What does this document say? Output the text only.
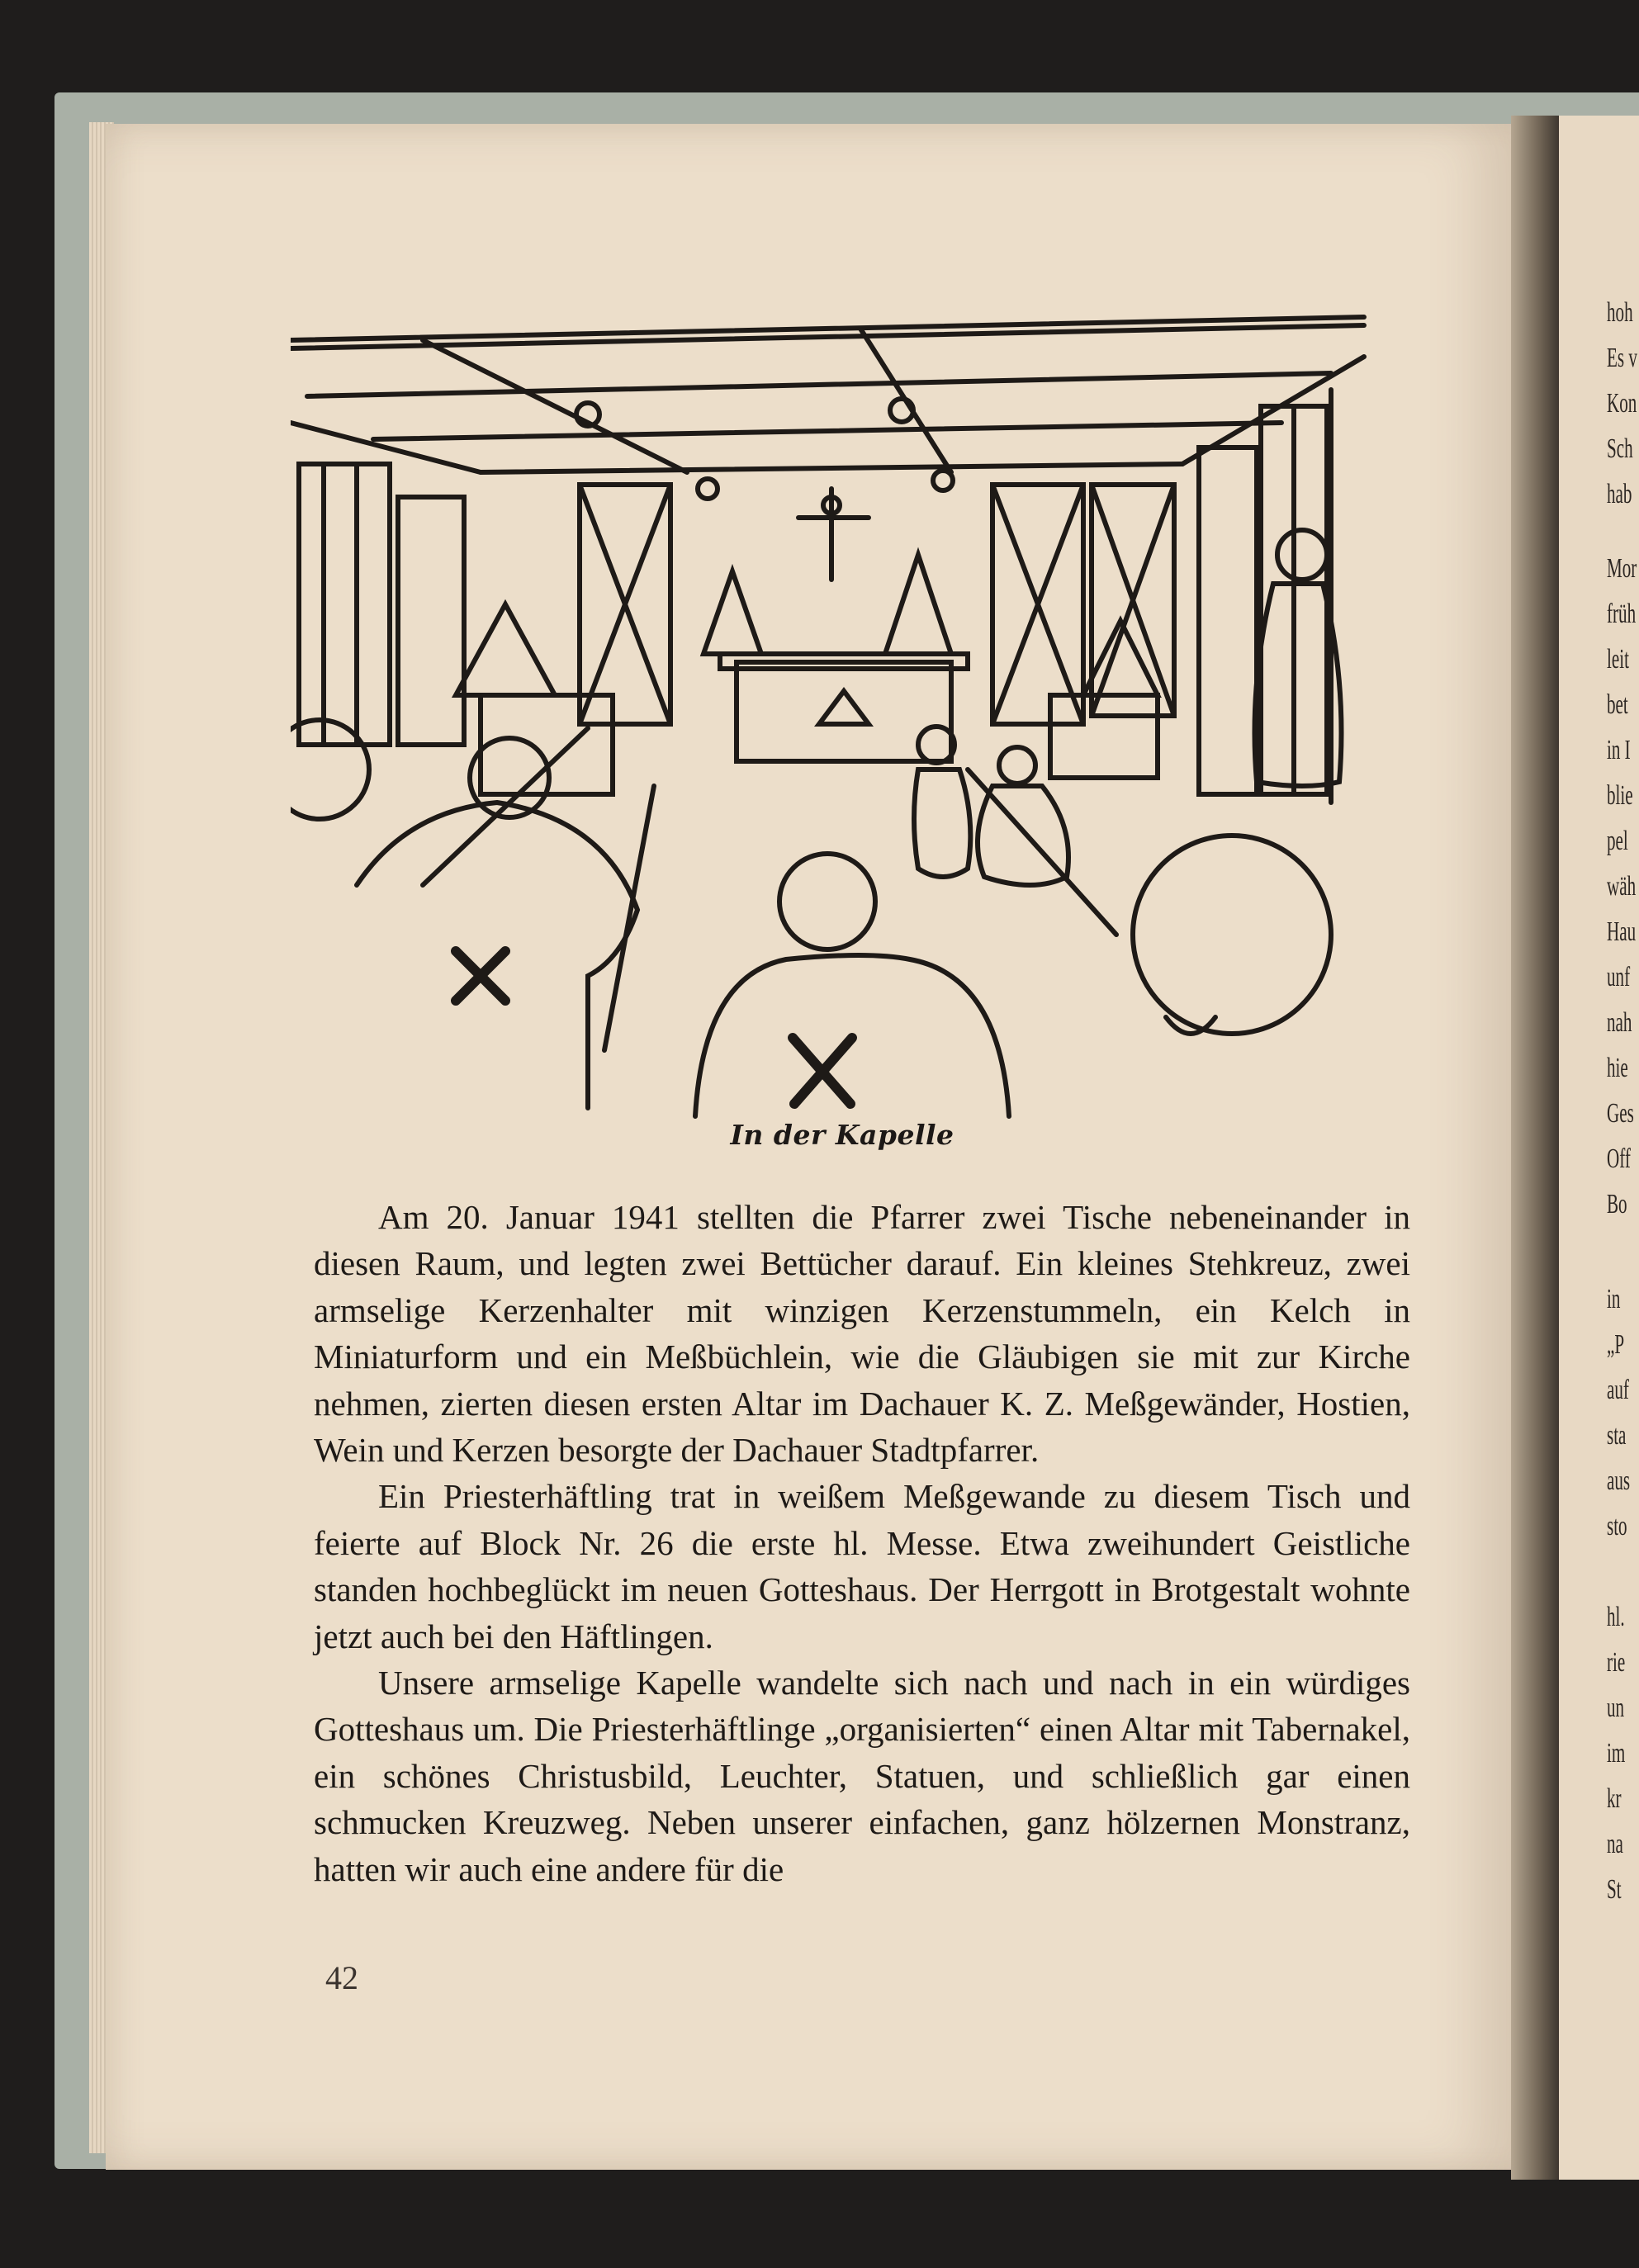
In der Kapelle

Am 20. Januar 1941 stellten die Pfarrer zwei Tische nebeneinander in diesen Raum, und legten zwei Bettücher darauf. Ein kleines Stehkreuz, zwei armselige Kerzenhalter mit winzigen Kerzenstummeln, ein Kelch in Miniaturform und ein Meßbüchlein, wie die Gläubigen sie mit zur Kirche nehmen, zierten diesen ersten Altar im Dachauer K. Z. Meßgewänder, Hostien, Wein und Kerzen besorgte der Dachauer Stadtpfarrer.

Ein Priesterhäftling trat in weißem Meßgewande zu diesem Tisch und feierte auf Block Nr. 26 die erste hl. Messe. Etwa zweihundert Geistliche standen hochbeglückt im neuen Gotteshaus. Der Herrgott in Brotgestalt wohnte jetzt auch bei den Häftlingen.

Unsere armselige Kapelle wandelte sich nach und nach in ein würdiges Gotteshaus um. Die Priesterhäftlinge „organisierten“ einen Altar mit Tabernakel, ein schönes Christusbild, Leuchter, Statuen, und schließlich gar einen schmucken Kreuzweg. Neben unserer einfachen, ganz hölzernen Monstranz, hatten wir auch eine andere für die

42
hoh
Es v
Kon
Sch
hab
Mor
früh
leit
bet
in I
blie
pel
wäh
Hau
unf
nah
hie
Ges
Off
Bo
in
„P
auf
sta
aus
sto
hl.
rie
un
im
kr
na
St
